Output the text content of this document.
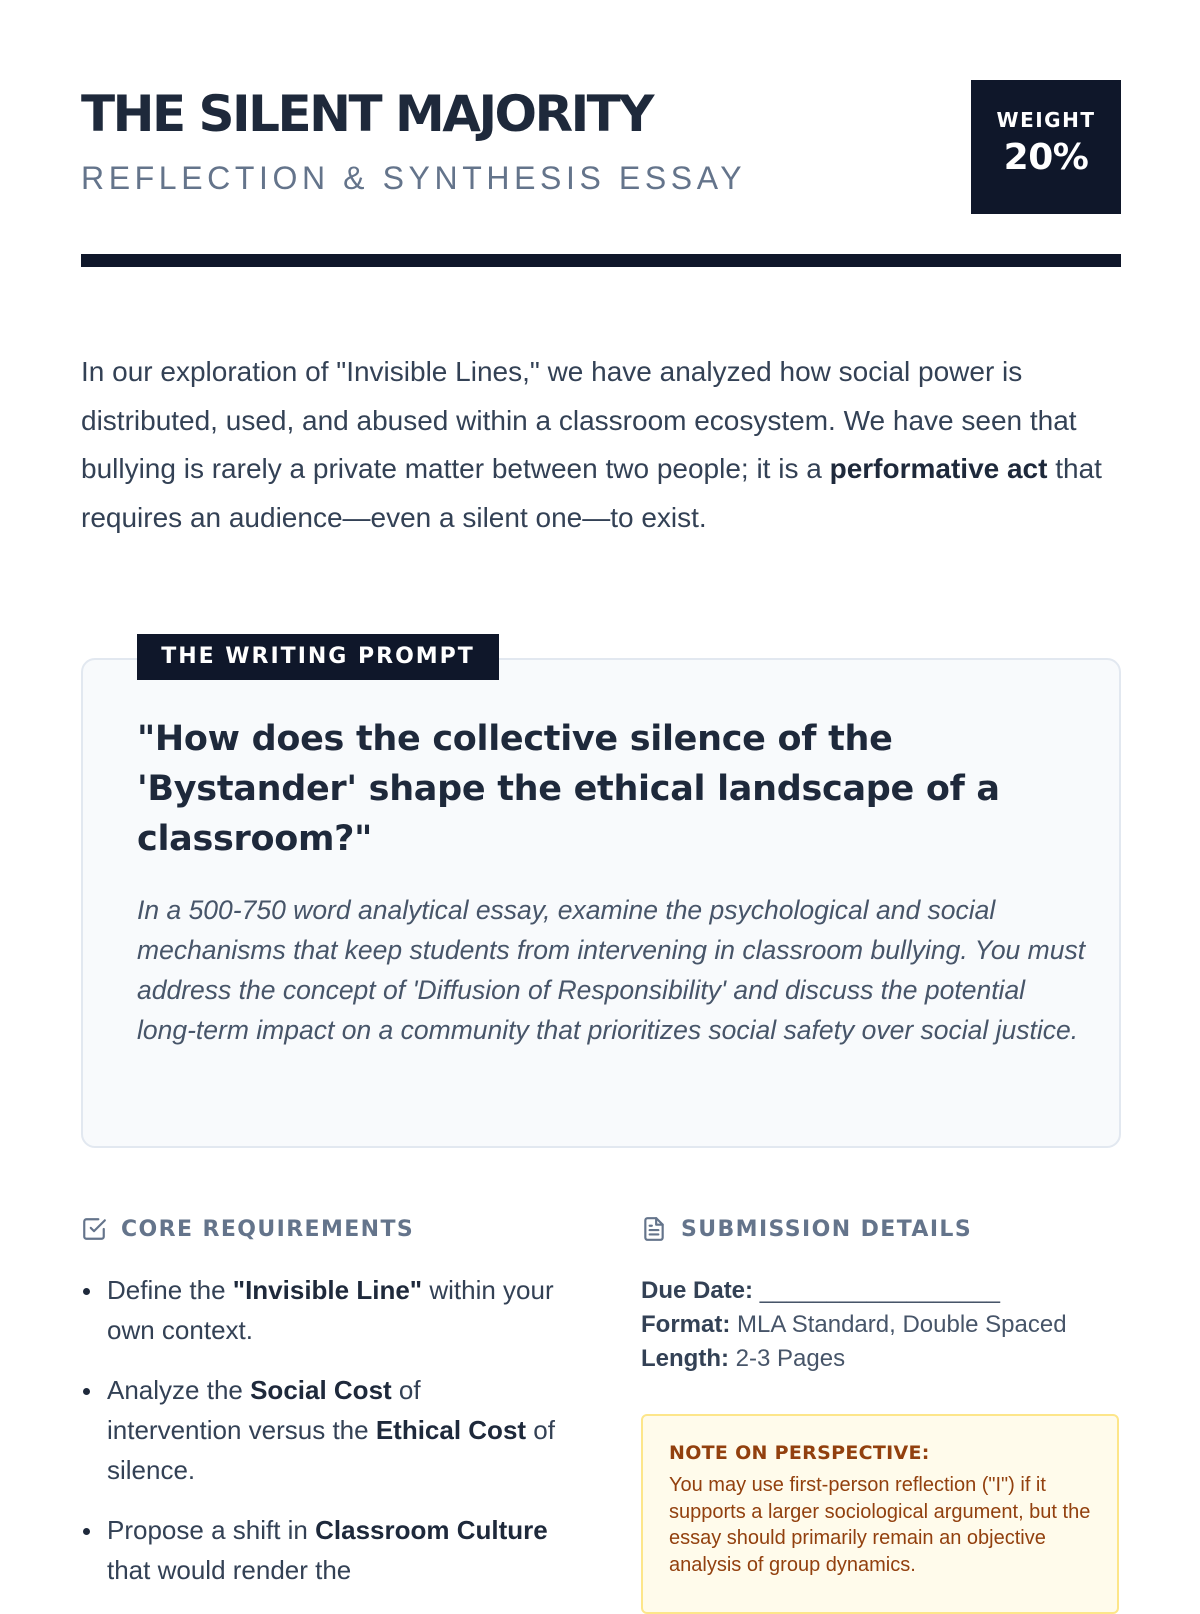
THE SILENT MAJORITY
REFLECTION & SYNTHESIS ESSAY
WEIGHT
20%

In our exploration of "Invisible Lines," we have analyzed how social power is distributed, used, and abused within a classroom ecosystem. We have seen that bullying is rarely a private matter between two people; it is a performative act that requires an audience—even a silent one—to exist.

THE WRITING PROMPT

"How does the collective silence of the 'Bystander' shape the ethical landscape of a classroom?"

In a 500-750 word analytical essay, examine the psychological and social mechanisms that keep students from intervening in classroom bullying. You must address the concept of 'Diffusion of Responsibility' and discuss the potential long-term impact on a community that prioritizes social safety over social justice.

CORE REQUIREMENTS
Define the "Invisible Line" within your own context.
Analyze the Social Cost of intervention versus the Ethical Cost of silence.
Propose a shift in Classroom Culture that would render the
SUBMISSION DETAILS
Due Date: __________________
Format: MLA Standard, Double Spaced
Length: 2-3 Pages
NOTE ON PERSPECTIVE:

You may use first-person reflection ("I") if it supports a larger sociological argument, but the essay should primarily remain an objective analysis of group dynamics.
